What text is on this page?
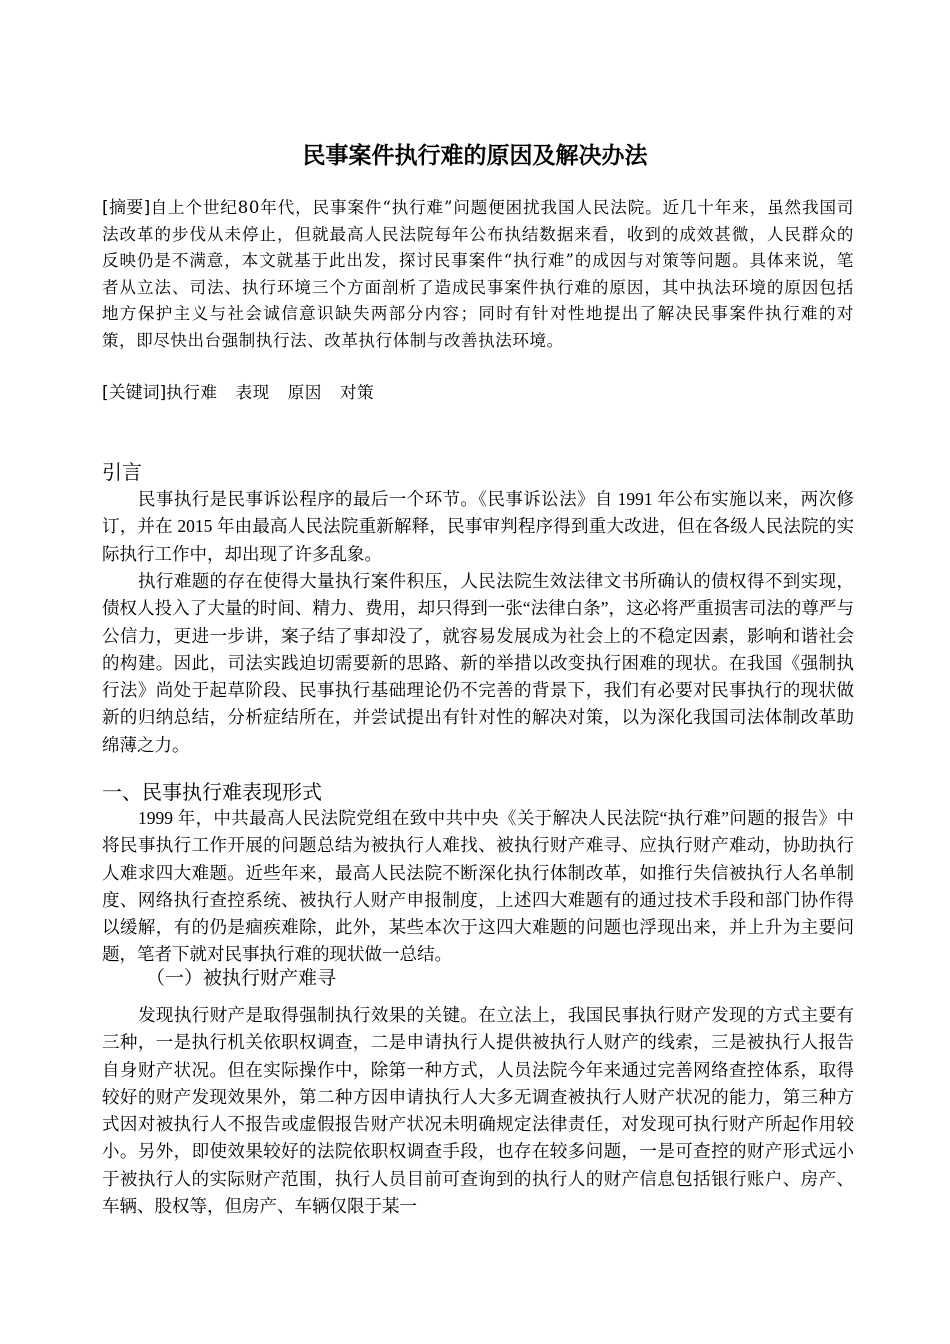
民事案件执行难的原因及解决办法

[摘要]自上个世纪80年代，民事案件“执行难”问题便困扰我国人民法院。近几十年来，虽然我国司法改革的步伐从未停止，但就最高人民法院每年公布执结数据来看，收到的成效甚微，人民群众的反映仍是不满意，本文就基于此出发，探讨民事案件“执行难”的成因与对策等问题。具体来说，笔者从立法、司法、执行环境三个方面剖析了造成民事案件执行难的原因，其中执法环境的原因包括地方保护主义与社会诚信意识缺失两部分内容；同时有针对性地提出了解决民事案件执行难的对策，即尽快出台强制执行法、改革执行体制与改善执法环境。

[关键词]执行难 表现 原因 对策

引言

民事执行是民事诉讼程序的最后一个环节。《民事诉讼法》自 1991 年公布实施以来，两次修订，并在 2015 年由最高人民法院重新解释，民事审判程序得到重大改进，但在各级人民法院的实际执行工作中，却出现了许多乱象。

执行难题的存在使得大量执行案件积压，人民法院生效法律文书所确认的债权得不到实现，债权人投入了大量的时间、精力、费用，却只得到一张“法律白条”，这必将严重损害司法的尊严与公信力，更进一步讲，案子结了事却没了，就容易发展成为社会上的不稳定因素，影响和谐社会的构建。因此，司法实践迫切需要新的思路、新的举措以改变执行困难的现状。在我国《强制执行法》尚处于起草阶段、民事执行基础理论仍不完善的背景下，我们有必要对民事执行的现状做新的归纳总结，分析症结所在，并尝试提出有针对性的解决对策，以为深化我国司法体制改革助绵薄之力。

一、民事执行难表现形式

1999 年，中共最高人民法院党组在致中共中央《关于解决人民法院“执行难”问题的报告》中将民事执行工作开展的问题总结为被执行人难找、被执行财产难寻、应执行财产难动，协助执行人难求四大难题。近些年来，最高人民法院不断深化执行体制改革，如推行失信被执行人名单制度、网络执行查控系统、被执行人财产申报制度，上述四大难题有的通过技术手段和部门协作得以缓解，有的仍是痼疾难除，此外，某些本次于这四大难题的问题也浮现出来，并上升为主要问题，笔者下就对民事执行难的现状做一总结。

（一）被执行财产难寻

发现执行财产是取得强制执行效果的关键。在立法上，我国民事执行财产发现的方式主要有三种，一是执行机关依职权调查，二是申请执行人提供被执行人财产的线索，三是被执行人报告自身财产状况。但在实际操作中，除第一种方式，人员法院今年来通过完善网络查控体系，取得较好的财产发现效果外，第二种方因申请执行人大多无调查被执行人财产状况的能力，第三种方式因对被执行人不报告或虚假报告财产状况未明确规定法律责任，对发现可执行财产所起作用较小。另外，即使效果较好的法院依职权调查手段，也存在较多问题，一是可查控的财产形式远小于被执行人的实际财产范围，执行人员目前可查询到的执行人的财产信息包括银行账户、房产、车辆、股权等，但房产、车辆仅限于某一
